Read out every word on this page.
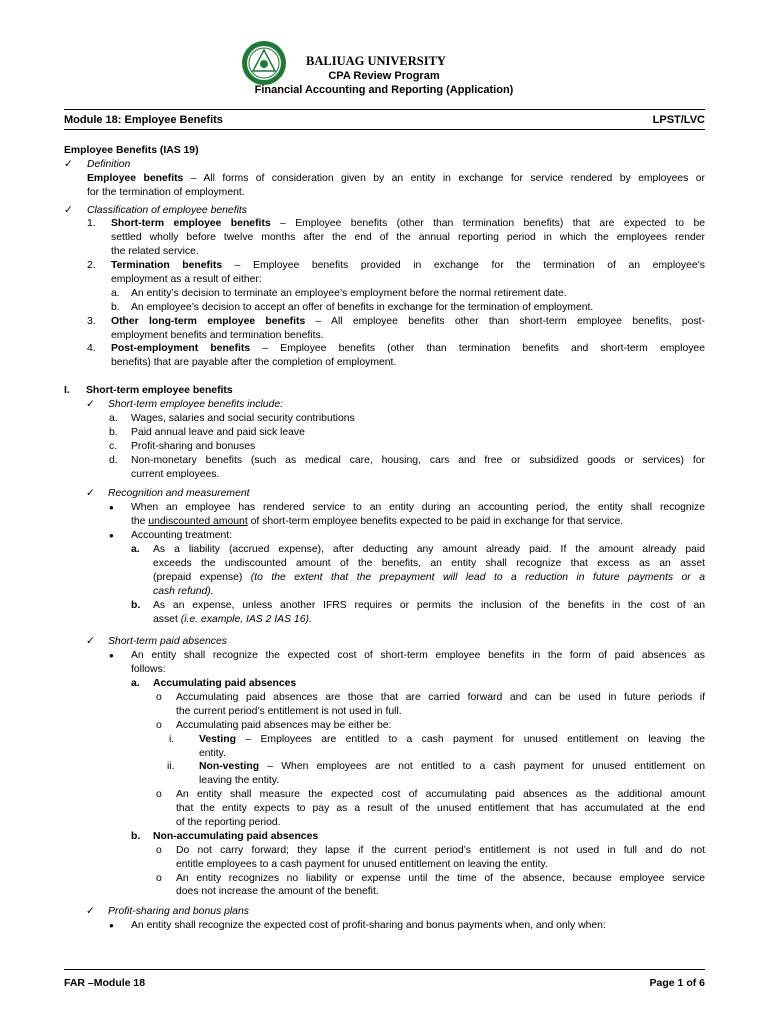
BALIUAG UNIVERSITY
CPA Review Program
Financial Accounting and Reporting (Application)
Module 18: Employee Benefits	LPST/LVC
Employee Benefits (IAS 19)
✓ Definition
Employee benefits – All forms of consideration given by an entity in exchange for service rendered by employees or
for the termination of employment.
✓ Classification of employee benefits
1. Short-term employee benefits – Employee benefits (other than termination benefits) that are expected to be
settled wholly before twelve months after the end of the annual reporting period in which the employees render
the related service.
2. Termination benefits – Employee benefits provided in exchange for the termination of an employee’s
employment as a result of either:
a. An entity’s decision to terminate an employee’s employment before the normal retirement date.
b. An employee’s decision to accept an offer of benefits in exchange for the termination of employment.
3. Other long-term employee benefits – All employee benefits other than short-term employee benefits, post-
employment benefits and termination benefits.
4. Post-employment benefits – Employee benefits (other than termination benefits and short-term employee
benefits) that are payable after the completion of employment.
I. Short-term employee benefits
✓ Short-term employee benefits include:
a. Wages, salaries and social security contributions
b. Paid annual leave and paid sick leave
c. Profit-sharing and bonuses
d. Non-monetary benefits (such as medical care, housing, cars and free or subsidized goods or services) for
current employees.
✓ Recognition and measurement
● When an employee has rendered service to an entity during an accounting period, the entity shall recognize
the undiscounted amount of short-term employee benefits expected to be paid in exchange for that service.
● Accounting treatment:
a. As a liability (accrued expense), after deducting any amount already paid. If the amount already paid
exceeds the undiscounted amount of the benefits, an entity shall recognize that excess as an asset
(prepaid expense) (to the extent that the prepayment will lead to a reduction in future payments or a
cash refund).
b. As an expense, unless another IFRS requires or permits the inclusion of the benefits in the cost of an
asset (i.e. example, IAS 2 IAS 16).
✓ Short-term paid absences
● An entity shall recognize the expected cost of short-term employee benefits in the form of paid absences as
follows:
a. Accumulating paid absences
o Accumulating paid absences are those that are carried forward and can be used in future periods if
the current period’s entitlement is not used in full.
o Accumulating paid absences may be either be:
i. Vesting – Employees are entitled to a cash payment for unused entitlement on leaving the
entity.
ii. Non-vesting – When employees are not entitled to a cash payment for unused entitlement on
leaving the entity.
o An entity shall measure the expected cost of accumulating paid absences as the additional amount
that the entity expects to pay as a result of the unused entitlement that has accumulated at the end
of the reporting period.
b. Non-accumulating paid absences
o Do not carry forward; they lapse if the current period’s entitlement is not used in full and do not
entitle employees to a cash payment for unused entitlement on leaving the entity.
o An entity recognizes no liability or expense until the time of the absence, because employee service
does not increase the amount of the benefit.
✓ Profit-sharing and bonus plans
● An entity shall recognize the expected cost of profit-sharing and bonus payments when, and only when:
FAR –Module 18	Page 1 of 6
